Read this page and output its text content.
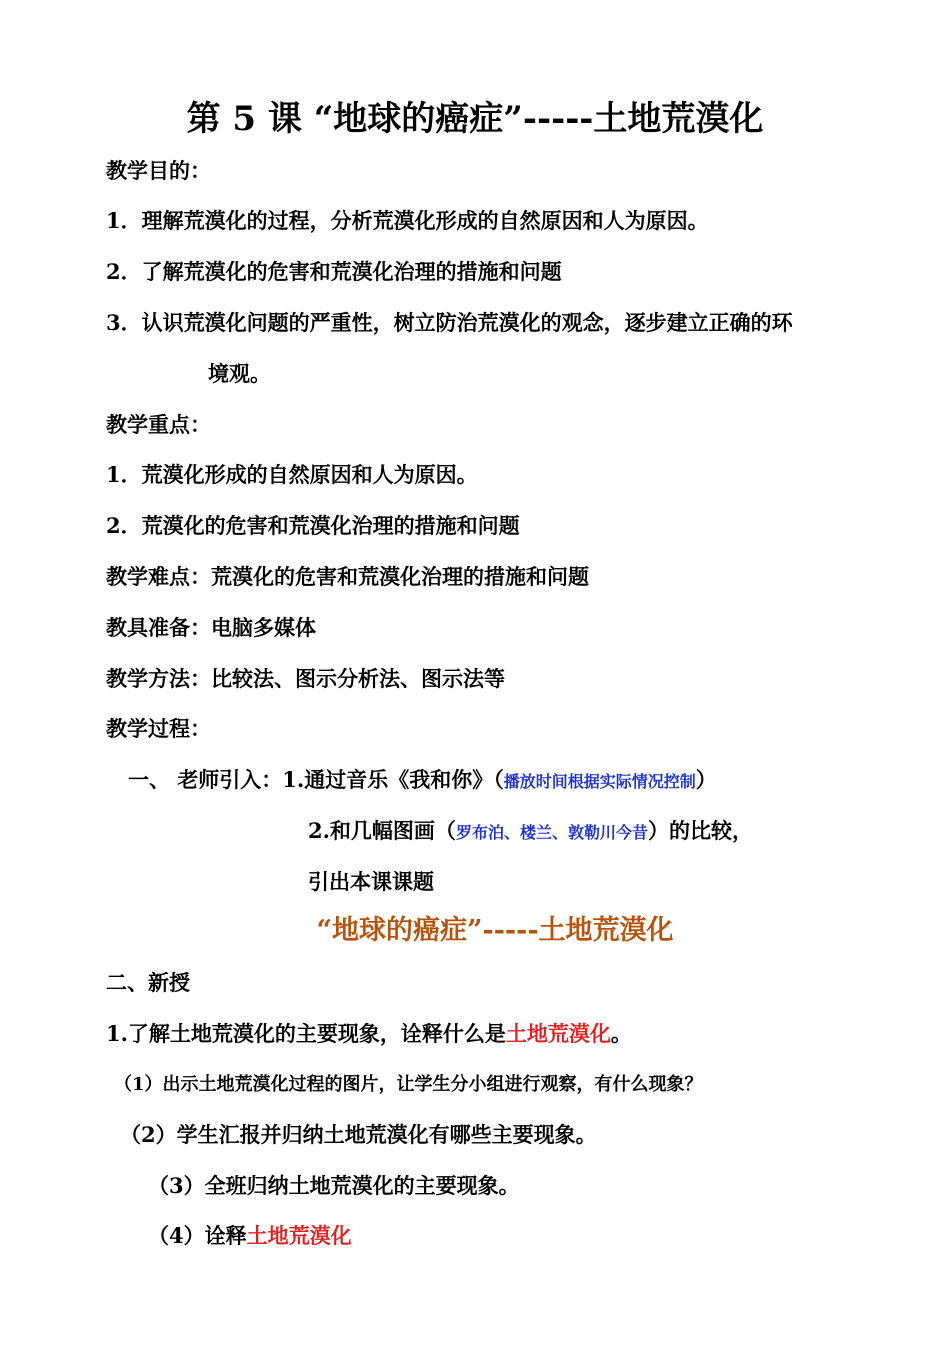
第 5 课 “地球的癌症”-----土地荒漠化
教学目的：
1．理解荒漠化的过程，分析荒漠化形成的自然原因和人为原因。
2．了解荒漠化的危害和荒漠化治理的措施和问题
3．认识荒漠化问题的严重性，树立防治荒漠化的观念，逐步建立正确的环
境观。
教学重点：
1．荒漠化形成的自然原因和人为原因。
2．荒漠化的危害和荒漠化治理的措施和问题
教学难点：荒漠化的危害和荒漠化治理的措施和问题
教具准备：电脑多媒体
教学方法：比较法、图示分析法、图示法等
教学过程：
一、 老师引入：1.通过音乐《我和你》（播放时间根据实际情况控制）
2.和几幅图画（罗布泊、楼兰、敦勒川今昔）的比较，
引出本课课题
“地球的癌症”-----土地荒漠化
二、新授
1.了解土地荒漠化的主要现象，诠释什么是土地荒漠化。
（1）出示土地荒漠化过程的图片，让学生分小组进行观察，有什么现象？
（2）学生汇报并归纳土地荒漠化有哪些主要现象。
（3）全班归纳土地荒漠化的主要现象。
（4）诠释土地荒漠化
